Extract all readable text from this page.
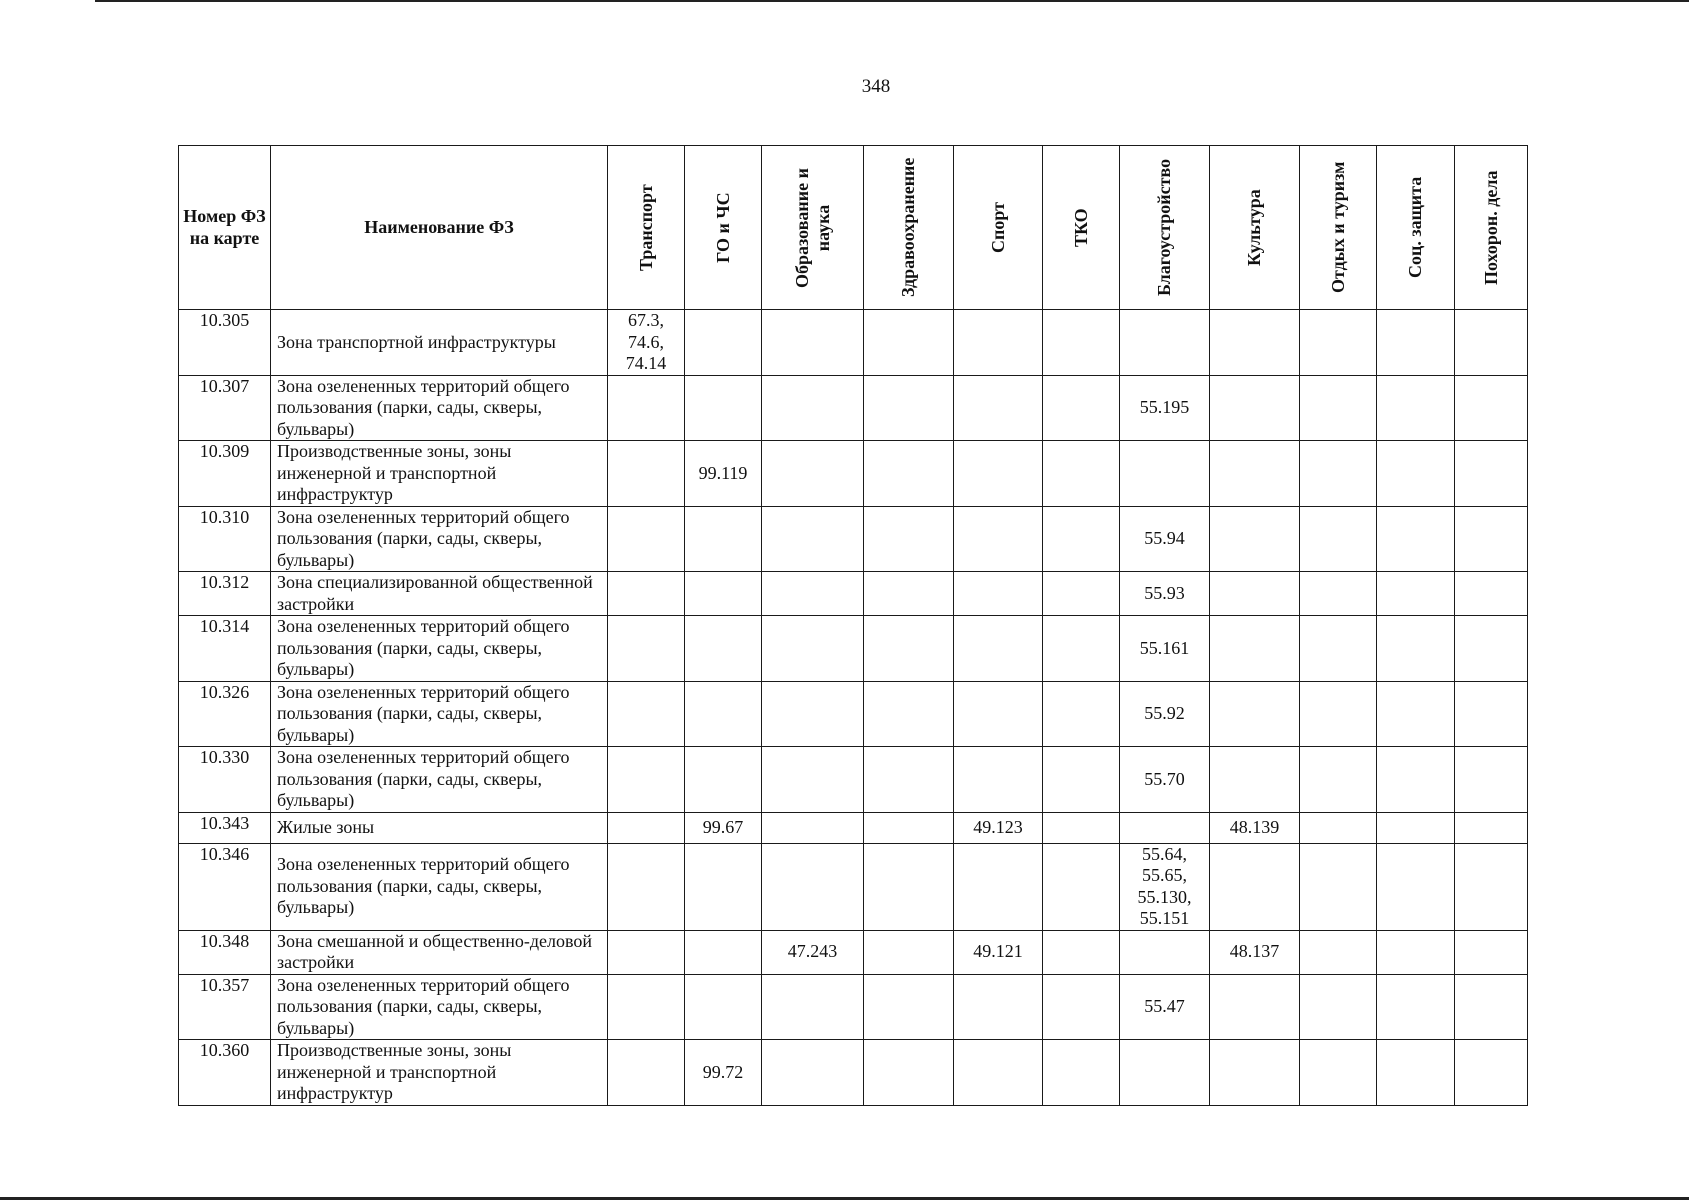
348
Номер ФЗ на карте	Наименование ФЗ	Транспорт	ГО и ЧС	Образование и наука	Здравоохранение	Спорт	ТКО	Благоустройство	Культура	Отдых и туризм	Соц. защита	Похорон. дела

10.305	Зона транспортной инфраструктуры	67.3, 74.6, 74.14										
10.307	Зона озелененных территорий общего пользования (парки, сады, скверы, бульвары)							55.195				
10.309	Производственные зоны, зоны инженерной и транспортной инфраструктур		99.119									
10.310	Зона озелененных территорий общего пользования (парки, сады, скверы, бульвары)							55.94				
10.312	Зона специализированной общественной застройки							55.93				
10.314	Зона озелененных территорий общего пользования (парки, сады, скверы, бульвары)							55.161				
10.326	Зона озелененных территорий общего пользования (парки, сады, скверы, бульвары)							55.92				
10.330	Зона озелененных территорий общего пользования (парки, сады, скверы, бульвары)							55.70				
10.343	Жилые зоны		99.67			49.123			48.139			
10.346	Зона озелененных территорий общего пользования (парки, сады, скверы, бульвары)							55.64, 55.65, 55.130, 55.151				
10.348	Зона смешанной и общественно-деловой застройки			47.243		49.121			48.137			
10.357	Зона озелененных территорий общего пользования (парки, сады, скверы, бульвары)							55.47				
10.360	Производственные зоны, зоны инженерной и транспортной инфраструктур		99.72									
